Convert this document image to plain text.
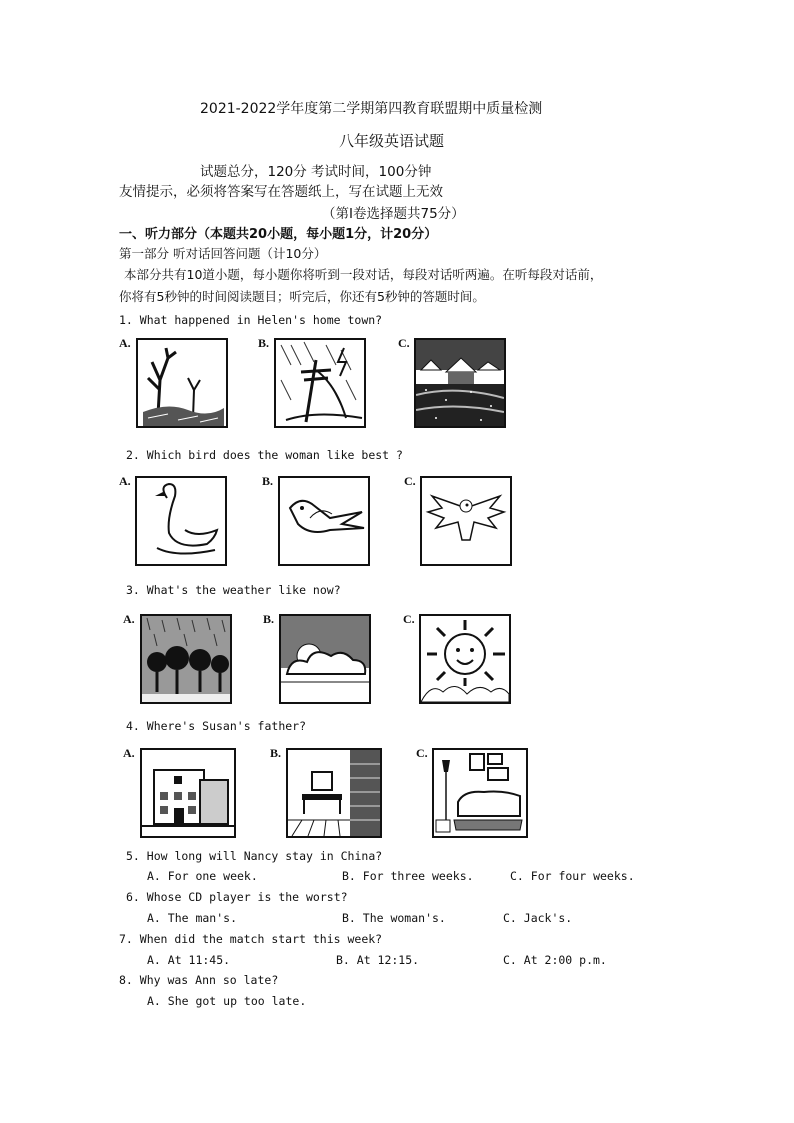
2021-2022学年度第二学期第四教育联盟期中质量检测
八年级英语试题
试题总分，120分 考试时间，100分钟
友情提示，必须将答案写在答题纸上，写在试题上无效
（第Ⅰ卷选择题共75分）
一、听力部分（本题共20小题，每小题1分，计20分）
第一部分 听对话回答问题（计10分）
本部分共有10道小题，每小题你将听到一段对话，每段对话听两遍。在听每段对话前，
你将有5秒钟的时间阅读题目；听完后，你还有5秒钟的答题时间。
1. What happened in Helen's home town?
A.	B.	C.
2. Which bird does the woman like best ?
A.	B.	C.
3. What's the weather like now?
A.	B.	C.
4. Where's Susan's father?
A.	B.	C.
5. How long will Nancy stay in China?
A. For one week.	B. For three weeks.	C. For four weeks.
6. Whose CD player is the worst?
A. The man's.	B. The woman's.	C. Jack's.
7. When did the match start this week?
A. At 11:45.	B. At 12:15.	C. At 2:00 p.m.
8. Why was Ann so late?
A. She got up too late.
